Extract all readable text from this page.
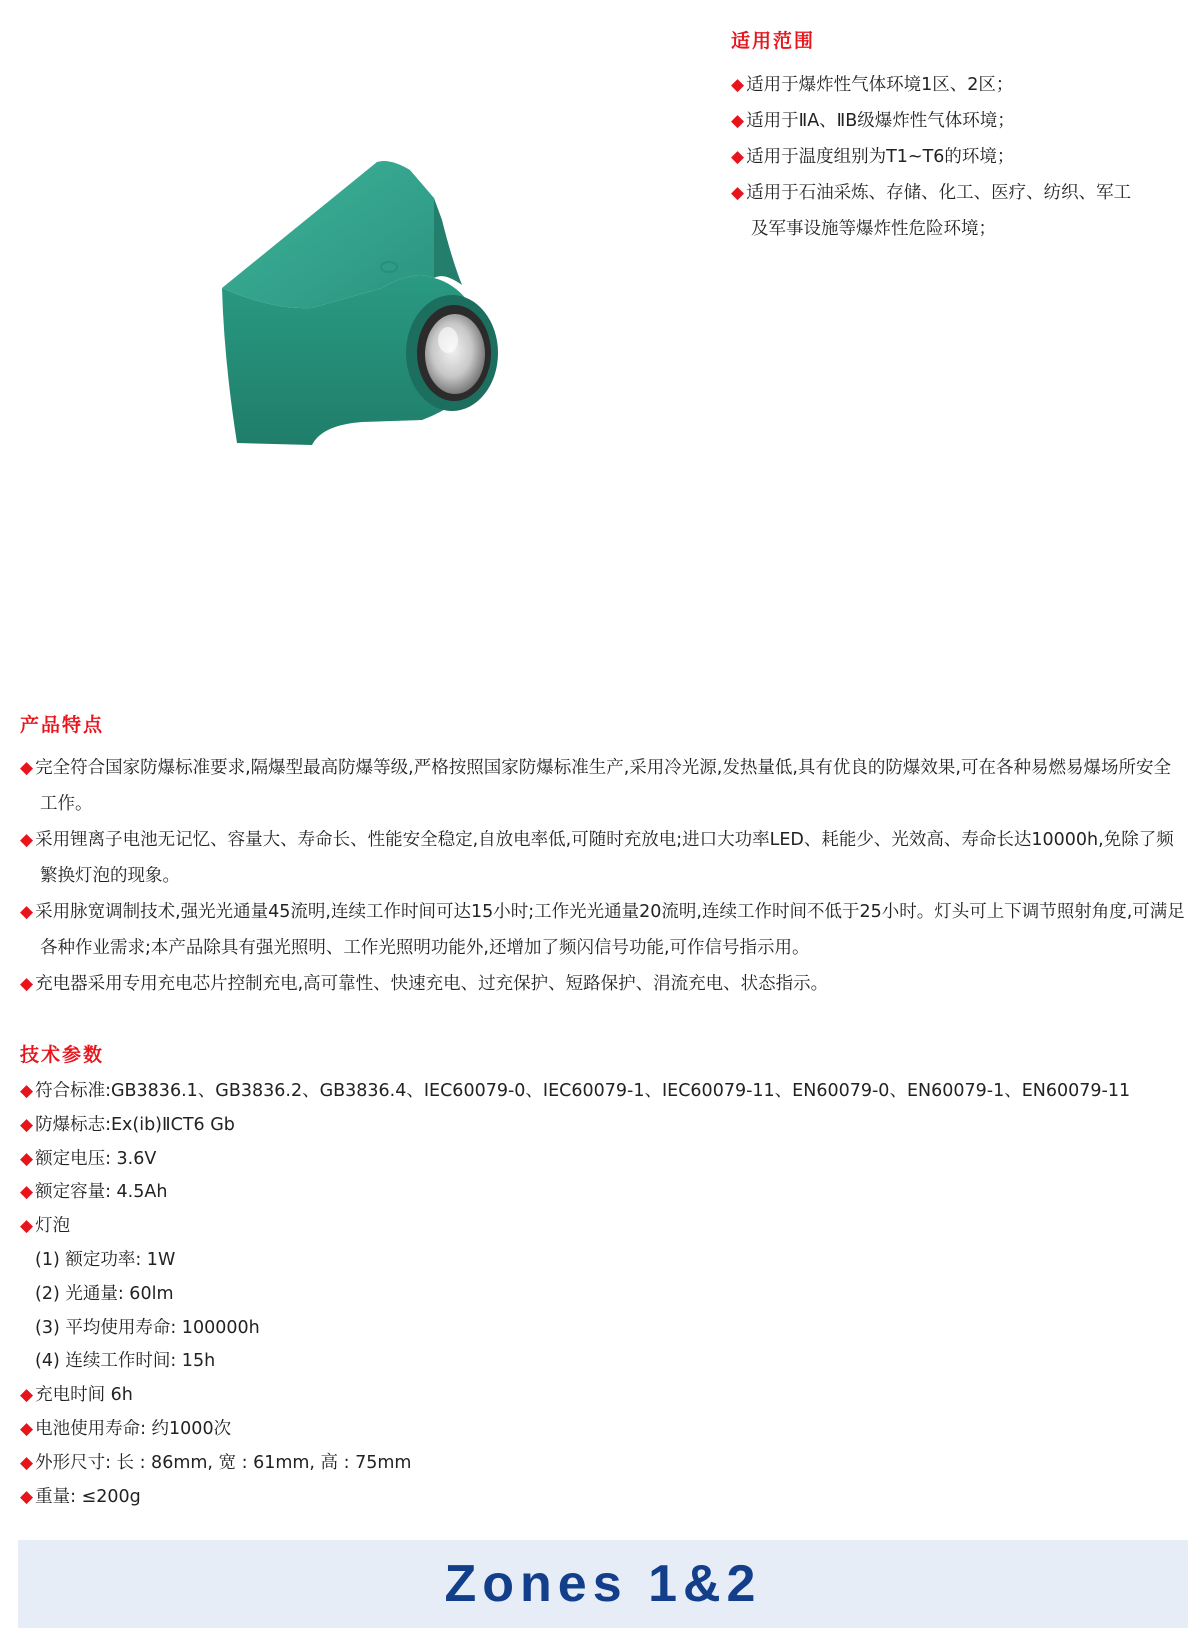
适用范围
◆ 适用于爆炸性气体环境1区、2区；
◆ 适用于ⅡA、ⅡB级爆炸性气体环境；
◆ 适用于温度组别为T1~T6的环境；
◆ 适用于石油采炼、存储、化工、医疗、纺织、军工
及军事设施等爆炸性危险环境；
产品特点
◆ 完全符合国家防爆标准要求,隔爆型最高防爆等级,严格按照国家防爆标准生产,采用冷光源,发热量低,具有优良的防爆效果,可在各种易燃易爆场所安全工作。
◆ 采用锂离子电池无记忆、容量大、寿命长、性能安全稳定,自放电率低,可随时充放电;进口大功率LED、耗能少、光效高、寿命长达10000h,免除了频繁换灯泡的现象。
◆ 采用脉宽调制技术,强光光通量45流明,连续工作时间可达15小时;工作光光通量20流明,连续工作时间不低于25小时。灯头可上下调节照射角度,可满足各种作业需求;本产品除具有强光照明、工作光照明功能外,还增加了频闪信号功能,可作信号指示用。
◆ 充电器采用专用充电芯片控制充电,高可靠性、快速充电、过充保护、短路保护、涓流充电、状态指示。
技术参数
◆ 符合标准:GB3836.1、GB3836.2、GB3836.4、IEC60079-0、IEC60079-1、IEC60079-11、EN60079-0、EN60079-1、EN60079-11
◆ 防爆标志:Ex(ib)ⅡCT6 Gb
◆ 额定电压: 3.6V
◆ 额定容量: 4.5Ah
◆ 灯泡
(1) 额定功率: 1W
(2) 光通量: 60lm
(3) 平均使用寿命: 100000h
(4) 连续工作时间: 15h
◆ 充电时间 6h
◆ 电池使用寿命: 约1000次
◆ 外形尺寸: 长 : 86mm, 宽 : 61mm, 高 : 75mm
◆ 重量: ≤200g
Zones 1&2
